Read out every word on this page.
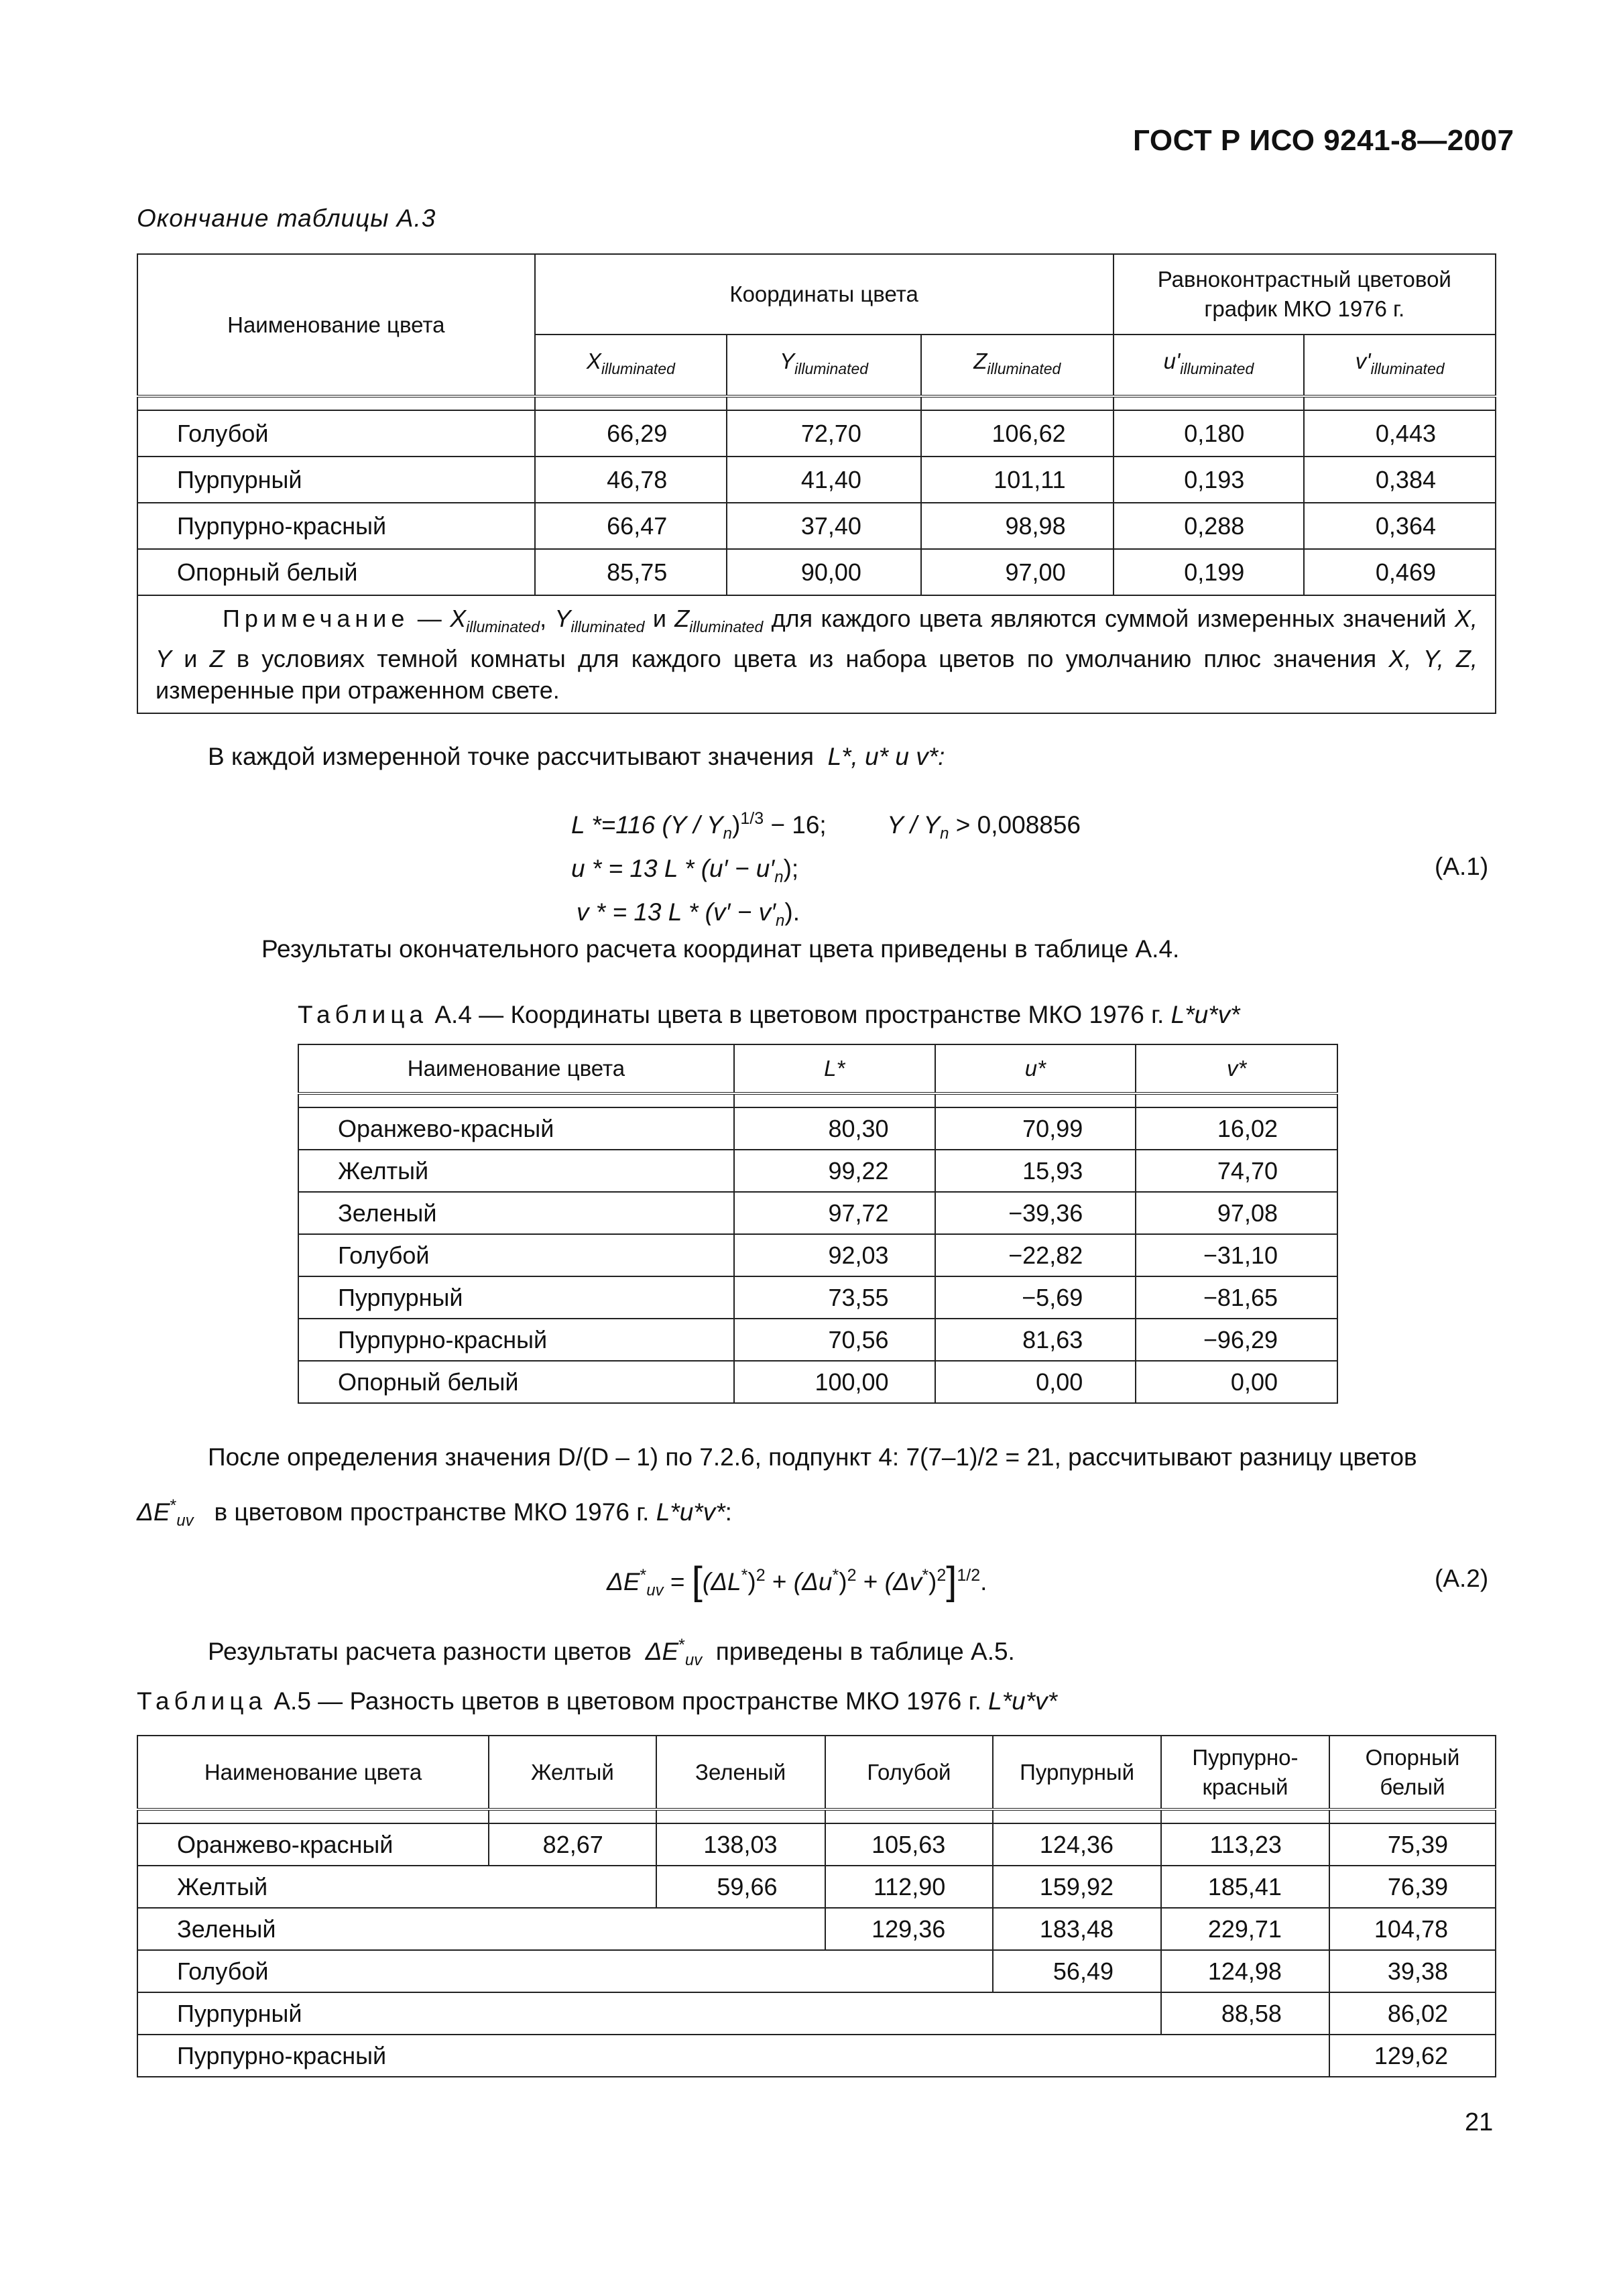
ГОСТ Р ИСО 9241-8—2007
Окончание таблицы А.3
Наименование цвета	Координаты цвета			Равноконтрастный цветовой график МКО 1976 г.	
	$X_{illuminated}$	$Y_{illuminated}$	$Z_{illuminated}$	$u'_{illuminated}$	$v'_{illuminated}$

Голубой	66,29	72,70	106,62	0,180	0,443
Пурпурный	46,78	41,40	101,11	0,193	0,384
Пурпурно-красный	66,47	37,40	98,98	0,288	0,364
Опорный белый	85,75	90,00	97,00	0,199	0,469
Примечание — $X_{illuminated}$, $Y_{illuminated}$ и $Z_{illuminated}$ для каждого цвета являются суммой измеренных значений X, Y и Z в условиях темной комнаты для каждого цвета из набора цветов по умолчанию плюс значения X, Y, Z, измеренные при отраженном свете.					
В каждой измеренной точке рассчитывают значения L*, u* u v*:
L *=116 $(Y / Y_n)^{1/3} - 16$; $Y / Y_n > 0,008856$
u * = 13 $L * (u' - u'_n)$;
v * = 13 $L * (v' - v'_n)$.
(А.1)
Результаты окончательного расчета координат цвета приведены в таблице А.4.
Таблица А.4 — Координаты цвета в цветовом пространстве МКО 1976 г. L*u*v*
Наименование цвета	L*	u*	v*

Оранжево-красный	80,30	70,99	16,02
Желтый	99,22	15,93	74,70
Зеленый	97,72	−39,36	97,08
Голубой	92,03	−22,82	−31,10
Пурпурный	73,55	−5,69	−81,65
Пурпурно-красный	70,56	81,63	−96,29
Опорный белый	100,00	0,00	0,00
После определения значения D/(D – 1) по 7.2.6, подпункт 4: 7(7–1)/2 = 21, рассчитывают разницу цветов
$\Delta E^*_{uv}$ в цветовом пространстве МКО 1976 г. L*u*v*:
$\Delta E^*_{uv} = [(\Delta L^*)^2 + (\Delta u^*)^2 + (\Delta v^*)^2]^{1/2}$.	(А.2)
Результаты расчета разности цветов $\Delta E^*_{uv}$ приведены в таблице А.5.
Таблица А.5 — Разность цветов в цветовом пространстве МКО 1976 г. L*u*v*
Наименование цвета	Желтый	Зеленый	Голубой	Пурпурный	Пурпурно-красный	Опорный белый

Оранжево-красный	82,67	138,03	105,63	124,36	113,23	75,39
Желтый		59,66	112,90	159,92	185,41	76,39
Зеленый			129,36	183,48	229,71	104,78
Голубой				56,49	124,98	39,38
Пурпурный					88,58	86,02
Пурпурно-красный						129,62
21
